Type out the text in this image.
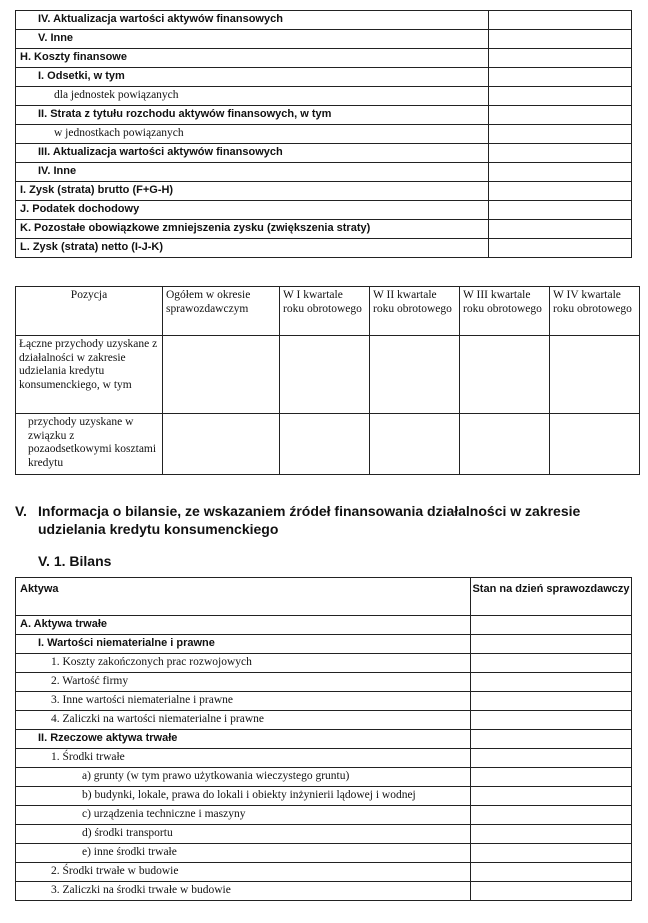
IV. Aktualizacja wartości aktywów finansowych	
V. Inne	
H. Koszty finansowe	
I. Odsetki, w tym	
dla jednostek powiązanych	
II. Strata z tytułu rozchodu aktywów finansowych, w tym	
w jednostkach powiązanych	
III. Aktualizacja wartości aktywów finansowych	
IV. Inne	
I. Zysk (strata) brutto (F+G-H)	
J. Podatek dochodowy	
K. Pozostałe obowiązkowe zmniejszenia zysku (zwiększenia straty)	
L. Zysk (strata) netto (I-J-K)	
Pozycja	Ogółem w okresie sprawozdawczym	W I kwartale roku obrotowego	W II kwartale roku obrotowego	W III kwartale roku obrotowego	W IV kwartale roku obrotowego
Łączne przychody uzyskane z działalności w zakresie udzielania kredytu konsumenckiego, w tym					
przychody uzyskane w związku z pozaodsetkowymi kosztami kredytu					
V. Informacja o bilansie, ze wskazaniem źródeł finansowania działalności w zakresie udzielania kredytu konsumenckiego
V. 1. Bilans
Aktywa	Stan na dzień sprawozdawczy
A. Aktywa trwałe	
I. Wartości niematerialne i prawne	
1. Koszty zakończonych prac rozwojowych	
2. Wartość firmy	
3. Inne wartości niematerialne i prawne	
4. Zaliczki na wartości niematerialne i prawne	
II. Rzeczowe aktywa trwałe	
1. Środki trwałe	
a) grunty (w tym prawo użytkowania wieczystego gruntu)	
b) budynki, lokale, prawa do lokali i obiekty inżynierii lądowej i wodnej	
c) urządzenia techniczne i maszyny	
d) środki transportu	
e) inne środki trwałe	
2. Środki trwałe w budowie	
3. Zaliczki na środki trwałe w budowie	
